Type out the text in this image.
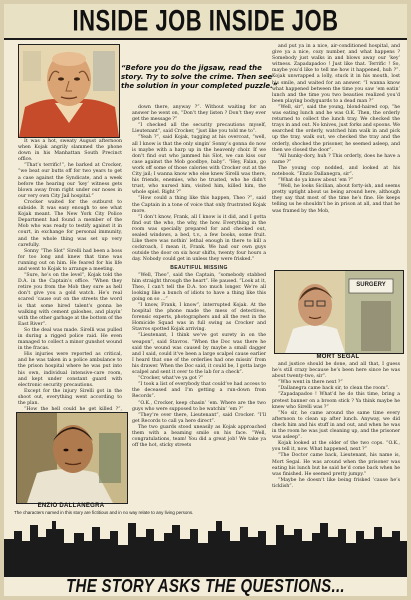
INSIDE JOB INSIDE JOB
“Before you do the jigsaw, read the story. Try to solve the crime. Then see the solution in your completed puzzle.”

It was a hot, sweaty August afternoon when Kojak angrily slammed the phone down in his Manhattan South Precinct office.

“That’s terrific!”, he barked at Crocker, “we beat our butts off for two years to get a case against the Syndicate, and a week before the hearing our ‘key’ witness gets blown away from right under our noses in our very own City Jail hospital.”

Crocker waited for the outburst to subside. It was easy enough to see what Kojak meant. The New York City Police Department had found a member of the Mob who was ready to testify against it in court, in exchange for personal immunity, and the whole thing was set up very carefully.

Sonny “The Slot” Sirelli had been a boss for too long and knew that time was running out on him. He feared for his life and went to Kojak to arrange a meeting.

“Sure, he’s on the level”, Kojak told the D.A. in the Captain’s office. “When they retire you from the Mob they sure as hell don’t give you a gold watch. He’s real scared ‘cause out on the streets the word is that some hired talent’s gonna be walking with cement galoshes, and playin’ with the other garbage at the bottom of the East River”.

So the deal was made. Sirelli was pulled in during a rigged police raid. He even managed to collect a minor gunshot wound in the fracas.

His injuries were reported as critical, and he was taken in a police ambulance to the prison hospital where he was put into his own, individual intensive-care room, and kept under constant guard with electronic security precautions.

Except for the injury Sirelli got in the shoot out, everything went according to the plan.

“How the hell could he get killed ?”,

ENZIO DALLANEGRA

down there, anyway ?”. Without waiting for an answer he went on, “Don’t they listen ? Don’t they ever get the message ?”

“I checked all the security precautions myself, Lieutenant”, said Crocker, “just like you told me to”.

“Yeah ?”, said Kojak, tugging at his overcoat, “well, all I know is that the only singin’ Sonny’s gonna do now is maybe with a harp up in the heavenly choir. If we don’t find out who jammed his Slot, we can kiss our case against the Mob goodbye, baby”. “Hey, Falan, go work off some of those calories with Crocker out at the City jail; I wanna know who else knew Sirelli was there, his friends, enemies, who he trusted, who he didn’t trust, who nursed him, visited him, killed him, the whole spiel. Right ?”

“How could a thing like this happen, Theo ?”, said the Captain in a tone of voice that only frustrated Kojak more.

“I don’t know, Frank, all I know is it did, and I gotta find out the who, the why, the how. Everything in the room was specially prepared for and checked out, sealed windows, a bed, t.v., a few books, some fruit. Like there was nothin’ lethal enough in there to kill a cockroach, I mean it, Frank. We had our own guys outside the door on six hour shifts, twenty four hours a day. Nobody could get in unless they were frisked.”

BEAUTIFUL MISSING

“Well, Theo”, said the Captain, “somebody stabbed him straight through the heart”. He paused. “Look at it, Theo, I can’t tell the D.A. too much longer. We’re all looking like a bunch of idiots to have a thing like this going on so ...”

“I know, Frank, I know”, interrupted Kojak. At the hospital the phone made the mess of detectives, forensic experts, photographers and all the rest in the Homicide Squad was in full swing as Crocker and Stavros spotted Kojak arriving.

“Lieutenant, I think we’ve got surety in on the weapon”, said Stavros. “When the Doc was there he said the wound was caused by maybe a small dagger and I said, could it’ve been a large scalpel cause earlier I heard that one of the orderlies had one missin’ from his drawer. When the Doc said, it could be, I gotta large scalpel and sent it over to the lab for a check”.

“Crocker, what’ve ya got ?”

“I took a list of everybody that could’ve had access to the deceased and I’m getting a run-down from Records”.

“O.K., Crocker, keep chasin’ ’em. Where are the two guys who were supposed to be watchin’ ’em ?”

“They’re over there, Lieutenant”, said Crocker. “I’ll get Records to call ya here direct”.

The two guards stood uneasily as Kojak approached them with a beaming smile on his face. “Well, congratulations, team! You did a great job! We take ya off the hot, sticky streets

and put ya in a nice, air-conditioned hospital, and give ya a nice, cozy number, and what happens ? Somebody just walks in and blows away our ‘key’ witness. Zapadapadoo ! Just like that. Terrific ! So, maybe you’d like to tell me how it happened, huh ?”. Kojak unwrapped a lolly, stuck it in his mouth, lost his smile, and waited for an answer. “I wanna know what happened between the time you saw ‘em eatin’ lunch and the time you two beauties realized you’d been playing bodyguards to a dead man ?”

“Well, sir”, said the young, blond-haired cop, “he was eating lunch and he was O.K. Then, the orderly returned to collect the lunch tray. We checked the trays in and out. No knives, just forks and spoons. We searched the orderly, watched him walk in and pick up the tray, walk out, we checked the tray and the orderly, shocked the prisoner, he seemed asleep, and then we closed the door”.

“All hunky-dory, huh ? This orderly, does he have a name ?”

The young cop nodded, and looked at his notebook. “Enzio Dallanegra, sir”.

“What do ya know about ‘em ?”

“Well, he looks Sicilian, about forty-ish, and seems pretty uptight about us being around here, although they say that most of the time he’s fine. He keeps telling us he shouldn’t be in prison at all, and that he was framed by the Mob,

SURGERY
MORT SEGAL

and justice should be done, and all that, I guess he’s still crazy because he’s been here since he was about twenty-two, sir”.

“Who went in there next ?”

“Dallanegra came back sir, to clean the room”.

“Zapadapadoo ! What’d he do this time, bring a pretest banner on a broom stick ? Ya think maybe he knew who Sirelli was ?”

“No sir, he came around the same time every afternoon to clean up after lunch. Anyway, we did check him and his stuff in and out, and when he was in the room he was just cleaning up, and the prisoner was asleep”.

Kojak looked at the older of the two cops. “O.K., you tell it, now. What happened, next ?”

“The Doctor came back, Lieutenant, his name is, Mort Segal. He was around when the prisoner was eating his lunch but he said he’d come back when he was finished. He seemed pretty jumpy.”

“Maybe he doesn’t like being frisked ‘cause he’s ticklish”.

The characters named in this story are fictitious and in no way relate to any living persons.
THE STORY ASKS THE QUESTIONS...
